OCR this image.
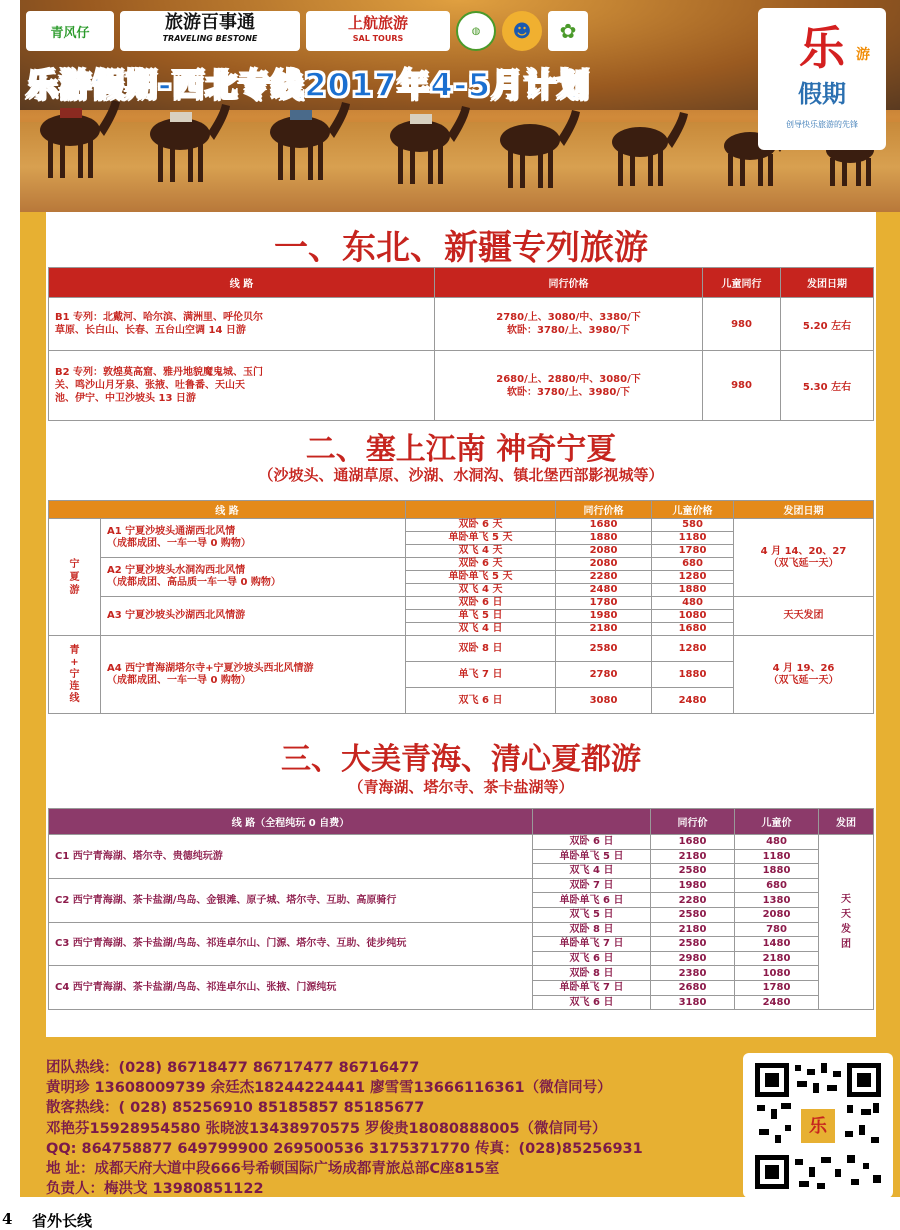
青风仔	旅游百事通
TRAVELING BESTONE
上航旅游
SAL TOURS
◍	☻	✿
乐游假期-西北专线2017年4-5月计划
乐 游
假期
创导快乐旅游的先锋
一、东北、新疆专列旅游
线 路	同行价格	儿童同行	发团日期
B1 专列：北戴河、哈尔滨、满洲里、呼伦贝尔
草原、长白山、长春、五台山空调 14 日游	2780/上、3080/中、3380/下
软卧：3780/上、3980/下	980	5.20 左右
B2 专列：敦煌莫高窟、雅丹地貌魔鬼城、玉门
关、鸣沙山月牙泉、张掖、吐鲁番、天山天
池、伊宁、中卫沙坡头 13 日游	2680/上、2880/中、3080/下
软卧：3780/上、3980/下	980	5.30 左右
二、塞上江南 神奇宁夏
（沙坡头、通湖草原、沙湖、水洞沟、镇北堡西部影视城等）
线 路			同行价格	儿童价格	发团日期
宁
夏
游	A1 宁夏沙坡头通湖西北风情
（成都成团、一车一导 0 购物）	双卧 6 天	1680	580	4 月 14、20、27
（双飞延一天）
		单卧单飞 5 天	1880	1180	
		双飞 4 天	2080	1780	
	A2 宁夏沙坡头水洞沟西北风情
（成都成团、高品质一车一导 0 购物）	双卧 6 天	2080	680	
		单卧单飞 5 天	2280	1280	
		双飞 4 天	2480	1880	
	A3 宁夏沙坡头沙湖西北风情游	双卧 6 日	1780	480	天天发团
		单飞 5 日	1980	1080	
		双飞 4 日	2180	1680	
青
+
宁
连
线	A4 西宁青海湖塔尔寺+宁夏沙坡头西北风情游
（成都成团、一车一导 0 购物）	双卧 8 日	2580	1280	4 月 19、26
（双飞延一天）
		单飞 7 日	2780	1880	
		双飞 6 日	3080	2480	
三、大美青海、清心夏都游
（青海湖、塔尔寺、茶卡盐湖等）
线 路（全程纯玩 0 自费）		同行价	儿童价	发团
C1 西宁青海湖、塔尔寺、贵德纯玩游	双卧 6 日	1680	480	天
天
发
团
	单卧单飞 5 日	2180	1180	
	双飞 4 日	2580	1880	
C2 西宁青海湖、茶卡盐湖/鸟岛、金银滩、原子城、塔尔寺、互助、高原骑行	双卧 7 日	1980	680	
	单卧单飞 6 日	2280	1380	
	双飞 5 日	2580	2080	
C3 西宁青海湖、茶卡盐湖/鸟岛、祁连卓尔山、门源、塔尔寺、互助、徒步纯玩	双卧 8 日	2180	780	
	单卧单飞 7 日	2580	1480	
	双飞 6 日	2980	2180	
C4 西宁青海湖、茶卡盐湖/鸟岛、祁连卓尔山、张掖、门源纯玩	双卧 8 日	2380	1080	
	单卧单飞 7 日	2680	1780	
	双飞 6 日	3180	2480	
团队热线：(028) 86718477 86717477 86716477
黄明珍 13608009739 余廷杰18244224441 廖雪雪13666116361（微信同号）
散客热线：( 028) 85256910 85185857 85185677
邓艳芬15928954580 张晓波13438970575 罗俊贵18080888005（微信同号）
QQ: 864758877 649799900 269500536 3175371770 传真：(028)85256931
地 址：成都天府大道中段666号希顿国际广场成都青旅总部C座815室
负责人：梅洪戈 13980851122
乐
4 省外长线
